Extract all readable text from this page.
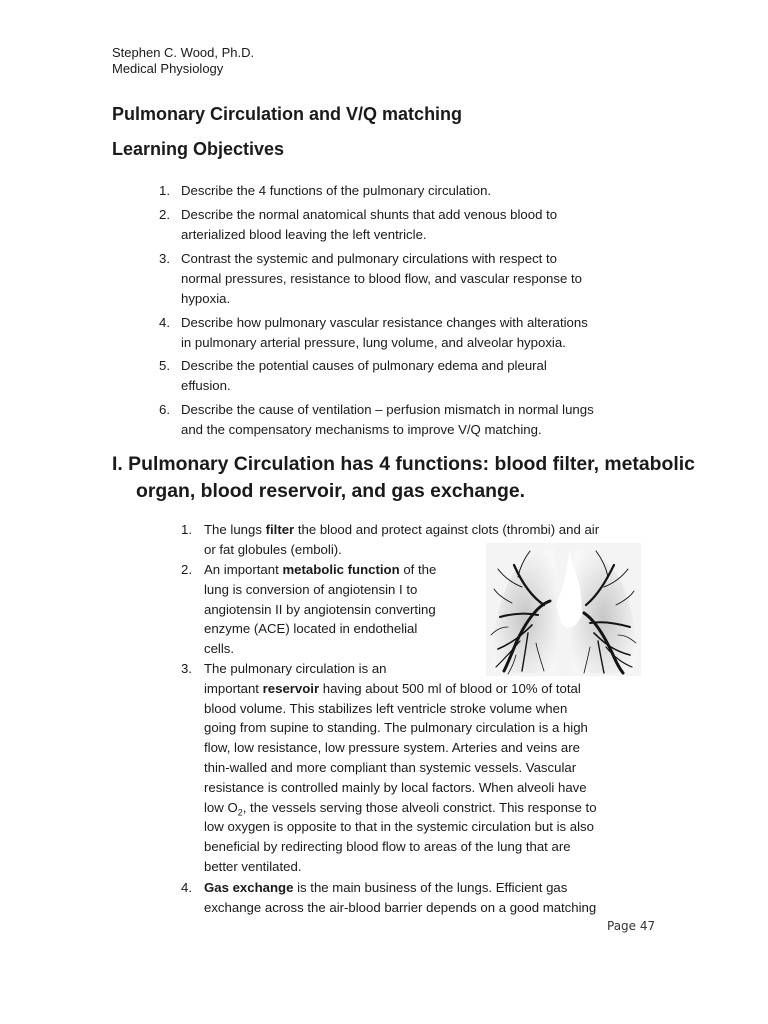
Stephen C. Wood, Ph.D.
Medical Physiology
Pulmonary Circulation and V/Q matching
Learning Objectives
1. Describe the 4 functions of the pulmonary circulation.
2. Describe the normal anatomical shunts that add venous blood to
arterialized blood leaving the left ventricle.
3. Contrast the systemic and pulmonary circulations with respect to
normal pressures, resistance to blood flow, and vascular response to
hypoxia.
4. Describe how pulmonary vascular resistance changes with alterations
in pulmonary arterial pressure, lung volume, and alveolar hypoxia.
5. Describe the potential causes of pulmonary edema and pleural
effusion.
6. Describe the cause of ventilation – perfusion mismatch in normal lungs
and the compensatory mechanisms to improve V/Q matching.
I. Pulmonary Circulation has 4 functions: blood filter, metabolic
organ, blood reservoir, and gas exchange.
1. The lungs filter the blood and protect against clots (thrombi) and air
or fat globules (emboli).
2. An important metabolic function of the
lung is conversion of angiotensin I to
angiotensin II by angiotensin converting
enzyme (ACE) located in endothelial
cells.
3. The pulmonary circulation is an
important reservoir having about 500 ml of blood or 10% of total
blood volume. This stabilizes left ventricle stroke volume when
going from supine to standing. The pulmonary circulation is a high
flow, low resistance, low pressure system. Arteries and veins are
thin-walled and more compliant than systemic vessels. Vascular
resistance is controlled mainly by local factors. When alveoli have
low $O_2$, the vessels serving those alveoli constrict. This response to
low oxygen is opposite to that in the systemic circulation but is also
beneficial by redirecting blood flow to areas of the lung that are
better ventilated.
4. Gas exchange is the main business of the lungs. Efficient gas
exchange across the air-blood barrier depends on a good matching
Page 47
